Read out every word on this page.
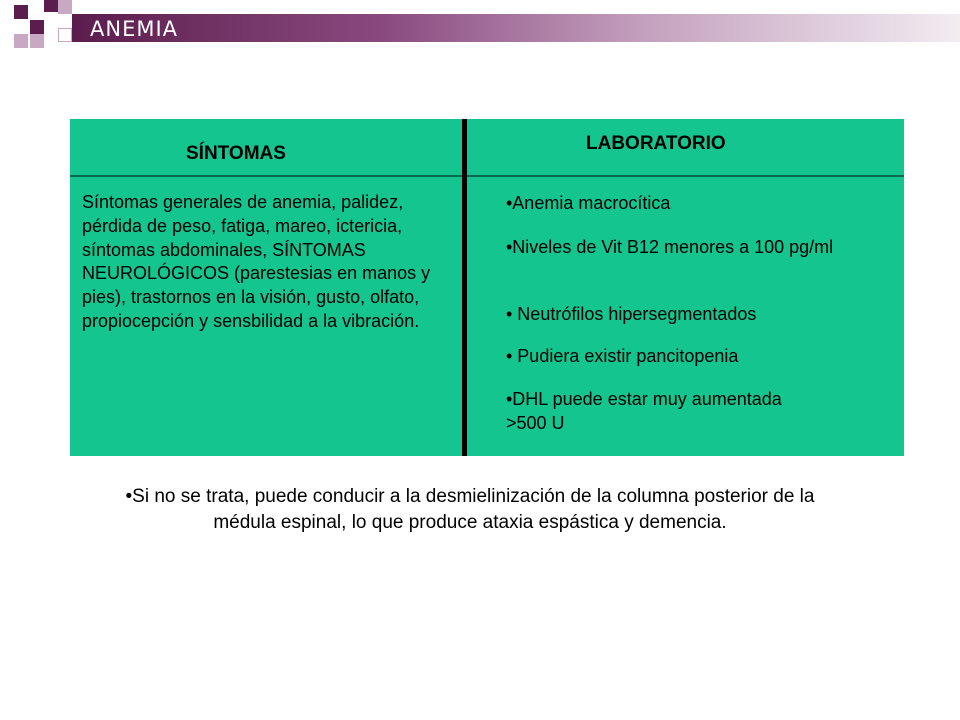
ANEMIA
SÍNTOMAS	LABORATORIO
Síntomas generales de anemia, palidez, pérdida de peso, fatiga, mareo, ictericia, síntomas abdominales, SÍNTOMAS NEUROLÓGICOS (parestesias en manos y pies), trastornos en la visión, gusto, olfato, propiocepción y sensbilidad a la vibración.
•Anemia macrocítica
•Niveles de Vit B12 menores a 100 pg/ml
• Neutrófilos hipersegmentados
• Pudiera existir pancitopenia
•DHL puede estar muy aumentada >500 U
•Si no se trata, puede conducir a la desmielinización de la columna posterior de la médula espinal, lo que produce ataxia espástica y demencia.
